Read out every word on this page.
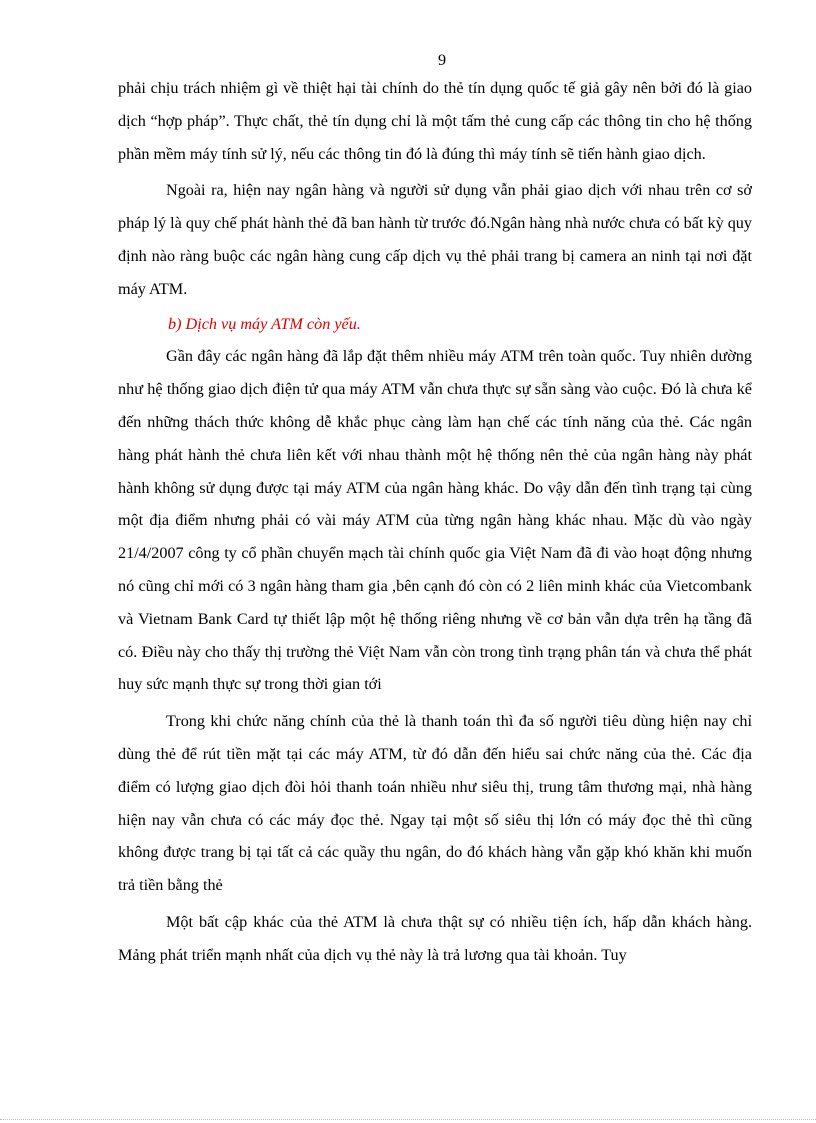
9

phải chịu trách nhiệm gì về thiệt hại tài chính do thẻ tín dụng quốc tế giả gây nên bởi đó là giao dịch “hợp pháp”. Thực chất, thẻ tín dụng chỉ là một tấm thẻ cung cấp các thông tin cho hệ thống phần mềm máy tính sử lý, nếu các thông tin đó là đúng thì máy tính sẽ tiến hành giao dịch.

Ngoài ra, hiện nay ngân hàng và người sử dụng vẫn phải giao dịch với nhau trên cơ sở pháp lý là quy chế phát hành thẻ đã ban hành từ trước đó.Ngân hàng nhà nước chưa có bất kỳ quy định nào ràng buộc các ngân hàng cung cấp dịch vụ thẻ phải trang bị camera an ninh tại nơi đặt máy ATM.

b) Dịch vụ máy ATM còn yếu.

Gần đây các ngân hàng đã lắp đặt thêm nhiều máy ATM trên toàn quốc. Tuy nhiên dường như hệ thống giao dịch điện tử qua máy ATM vẫn chưa thực sự sẵn sàng vào cuộc. Đó là chưa kể đến những thách thức không dễ khắc phục càng làm hạn chế các tính năng của thẻ. Các ngân hàng phát hành thẻ chưa liên kết với nhau thành một hệ thống nên thẻ của ngân hàng này phát hành không sử dụng được tại máy ATM của ngân hàng khác. Do vậy dẫn đến tình trạng tại cùng một địa điểm nhưng phải có vài máy ATM của từng ngân hàng khác nhau. Mặc dù vào ngày 21/4/2007 công ty cổ phần chuyển mạch tài chính quốc gia Việt Nam đã đi vào hoạt động nhưng nó cũng chỉ mới có 3 ngân hàng tham gia ,bên cạnh đó còn có 2 liên minh khác của Vietcombank và Vietnam Bank Card tự thiết lập một hệ thống riêng nhưng về cơ bản vẫn dựa trên hạ tầng đã có. Điều này cho thấy thị trường thẻ Việt Nam vẫn còn trong tình trạng phân tán và chưa thể phát huy sức mạnh thực sự trong thời gian tới

Trong khi chức năng chính của thẻ là thanh toán thì đa số người tiêu dùng hiện nay chỉ dùng thẻ để rút tiền mặt tại các máy ATM, từ đó dẫn đến hiểu sai chức năng của thẻ. Các địa điểm có lượng giao dịch đòi hỏi thanh toán nhiều như siêu thị, trung tâm thương mại, nhà hàng hiện nay vẫn chưa có các máy đọc thẻ. Ngay tại một số siêu thị lớn có máy đọc thẻ thì cũng không được trang bị tại tất cả các quầy thu ngân, do đó khách hàng vẫn gặp khó khăn khi muốn trả tiền bằng thẻ

Một bất cập khác của thẻ ATM là chưa thật sự có nhiều tiện ích, hấp dẫn khách hàng. Mảng phát triển mạnh nhất của dịch vụ thẻ này là trả lương qua tài khoản. Tuy
